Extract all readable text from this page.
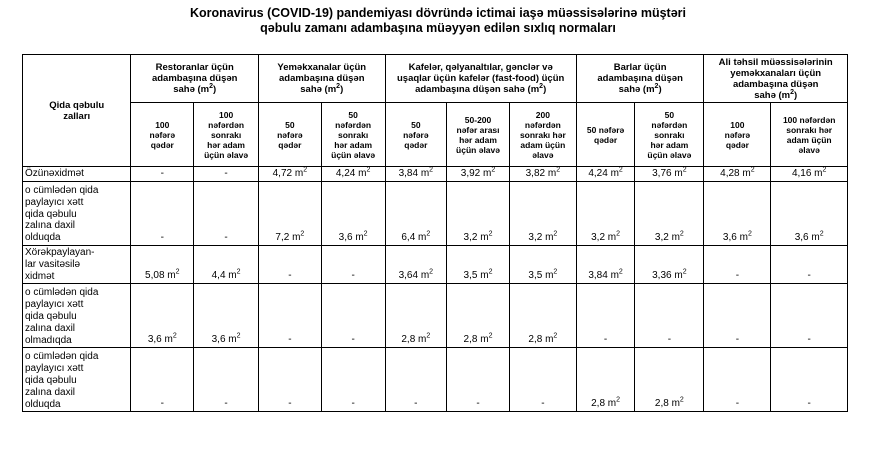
Koronavirus (COVID-19) pandemiyası dövründə ictimai iaşə müəssisələrinə müştəri
qəbulu zamanı adambaşına müəyyən edilən sıxlıq normaları
Qida qəbulu
zalları	Restoranlar üçün
adambaşına düşən
sahə $(m^2)$		Yeməkxanalar üçün
adambaşına düşən
sahə $(m^2)$		Kafelər, qəlyanaltılar, gənclər və
uşaqlar üçün kafelər (fast-food) üçün
adambaşına düşən sahə $(m^2)$			Barlar üçün
adambaşına düşən
sahə $(m^2)$		Ali təhsil müəssisələrinin
yeməkxanaları üçün
adambaşına düşən
sahə $(m^2)$	
	100
nəfərə
qədər	100
nəfərdən
sonrakı
hər adam
üçün əlavə	50
nəfərə
qədər	50
nəfərdən
sonrakı
hər adam
üçün əlavə	50
nəfərə
qədər	50-200
nəfər arası
hər adam
üçün əlavə	200
nəfərdən
sonrakı hər
adam üçün
əlavə	50 nəfərə
qədər	50
nəfərdən
sonrakı
hər adam
üçün əlavə	100
nəfərə
qədər	100 nəfərdən
sonrakı hər
adam üçün
əlavə
Özünəxidmət	-	-	4,72 $m^2$	4,24 $m^2$	3,84 $m^2$	3,92 $m^2$	3,82 $m^2$	4,24 $m^2$	3,76 $m^2$	4,28 $m^2$	4,16 $m^2$
o cümlədən qida
paylayıcı xətt
qida qəbulu
zalına daxil
olduqda	-	-	7,2 $m^2$	3,6 $m^2$	6,4 $m^2$	3,2 $m^2$	3,2 $m^2$	3,2 $m^2$	3,2 $m^2$	3,6 $m^2$	3,6 $m^2$
Xörəkpaylayan-
lar vasitəsilə
xidmət	5,08 $m^2$	4,4 $m^2$	-	-	3,64 $m^2$	3,5 $m^2$	3,5 $m^2$	3,84 $m^2$	3,36 $m^2$	-	-
o cümlədən qida
paylayıcı xətt
qida qəbulu
zalına daxil
olmadıqda	3,6 $m^2$	3,6 $m^2$	-	-	2,8 $m^2$	2,8 $m^2$	2,8 $m^2$	-	-	-	-
o cümlədən qida
paylayıcı xətt
qida qəbulu
zalına daxil
olduqda	-	-	-	-	-	-	-	2,8 $m^2$	2,8 $m^2$	-	-
